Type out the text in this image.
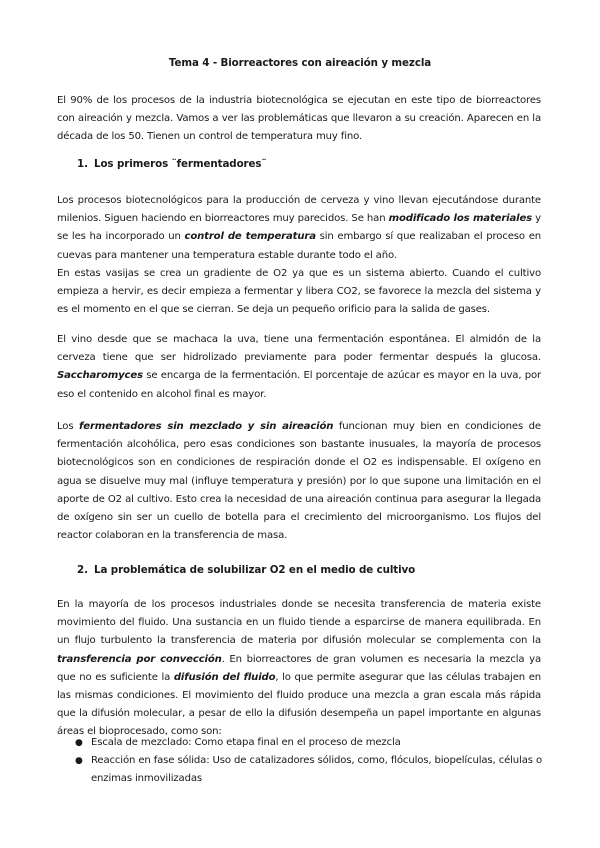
Tema 4 - Biorreactores con aireación y mezcla

El 90% de los procesos de la industria biotecnológica se ejecutan en este tipo de biorreactores con aireación y mezcla. Vamos a ver las problemáticas que llevaron a su creación. Aparecen en la década de los 50. Tienen un control de temperatura muy fino.

1. Los primeros ¨fermentadores¨

Los procesos biotecnológicos para la producción de cerveza y vino llevan ejecutándose durante milenios. Siguen haciendo en biorreactores muy parecidos. Se han modificado los materiales y se les ha incorporado un control de temperatura sin embargo sí que realizaban el proceso en cuevas para mantener una temperatura estable durante todo el año.

En estas vasijas se crea un gradiente de O2 ya que es un sistema abierto. Cuando el cultivo empieza a hervir, es decir empieza a fermentar y libera CO2, se favorece la mezcla del sistema y es el momento en el que se cierran. Se deja un pequeño orificio para la salida de gases.

El vino desde que se machaca la uva, tiene una fermentación espontánea. El almidón de la cerveza tiene que ser hidrolizado previamente para poder fermentar después la glucosa. Saccharomyces se encarga de la fermentación. El porcentaje de azúcar es mayor en la uva, por eso el contenido en alcohol final es mayor.

Los fermentadores sin mezclado y sin aireación funcionan muy bien en condiciones de fermentación alcohólica, pero esas condiciones son bastante inusuales, la mayoría de procesos biotecnológicos son en condiciones de respiración donde el O2 es indispensable. El oxígeno en agua se disuelve muy mal (influye temperatura y presión) por lo que supone una limitación en el aporte de O2 al cultivo. Esto crea la necesidad de una aireación continua para asegurar la llegada de oxígeno sin ser un cuello de botella para el crecimiento del microorganismo. Los flujos del reactor colaboran en la transferencia de masa.

2. La problemática de solubilizar O2 en el medio de cultivo

En la mayoría de los procesos industriales donde se necesita transferencia de materia existe movimiento del fluido. Una sustancia en un fluido tiende a esparcirse de manera equilibrada. En un flujo turbulento la transferencia de materia por difusión molecular se complementa con la transferencia por convección. En biorreactores de gran volumen es necesaria la mezcla ya que no es suficiente la difusión del fluido, lo que permite asegurar que las células trabajen en las mismas condiciones. El movimiento del fluido produce una mezcla a gran escala más rápida que la difusión molecular, a pesar de ello la difusión desempeña un papel importante en algunas áreas el bioprocesado, como son:

● Escala de mezclado: Como etapa final en el proceso de mezcla
● Reacción en fase sólida: Uso de catalizadores sólidos, como, flóculos, biopelículas, células o enzimas inmovilizadas
